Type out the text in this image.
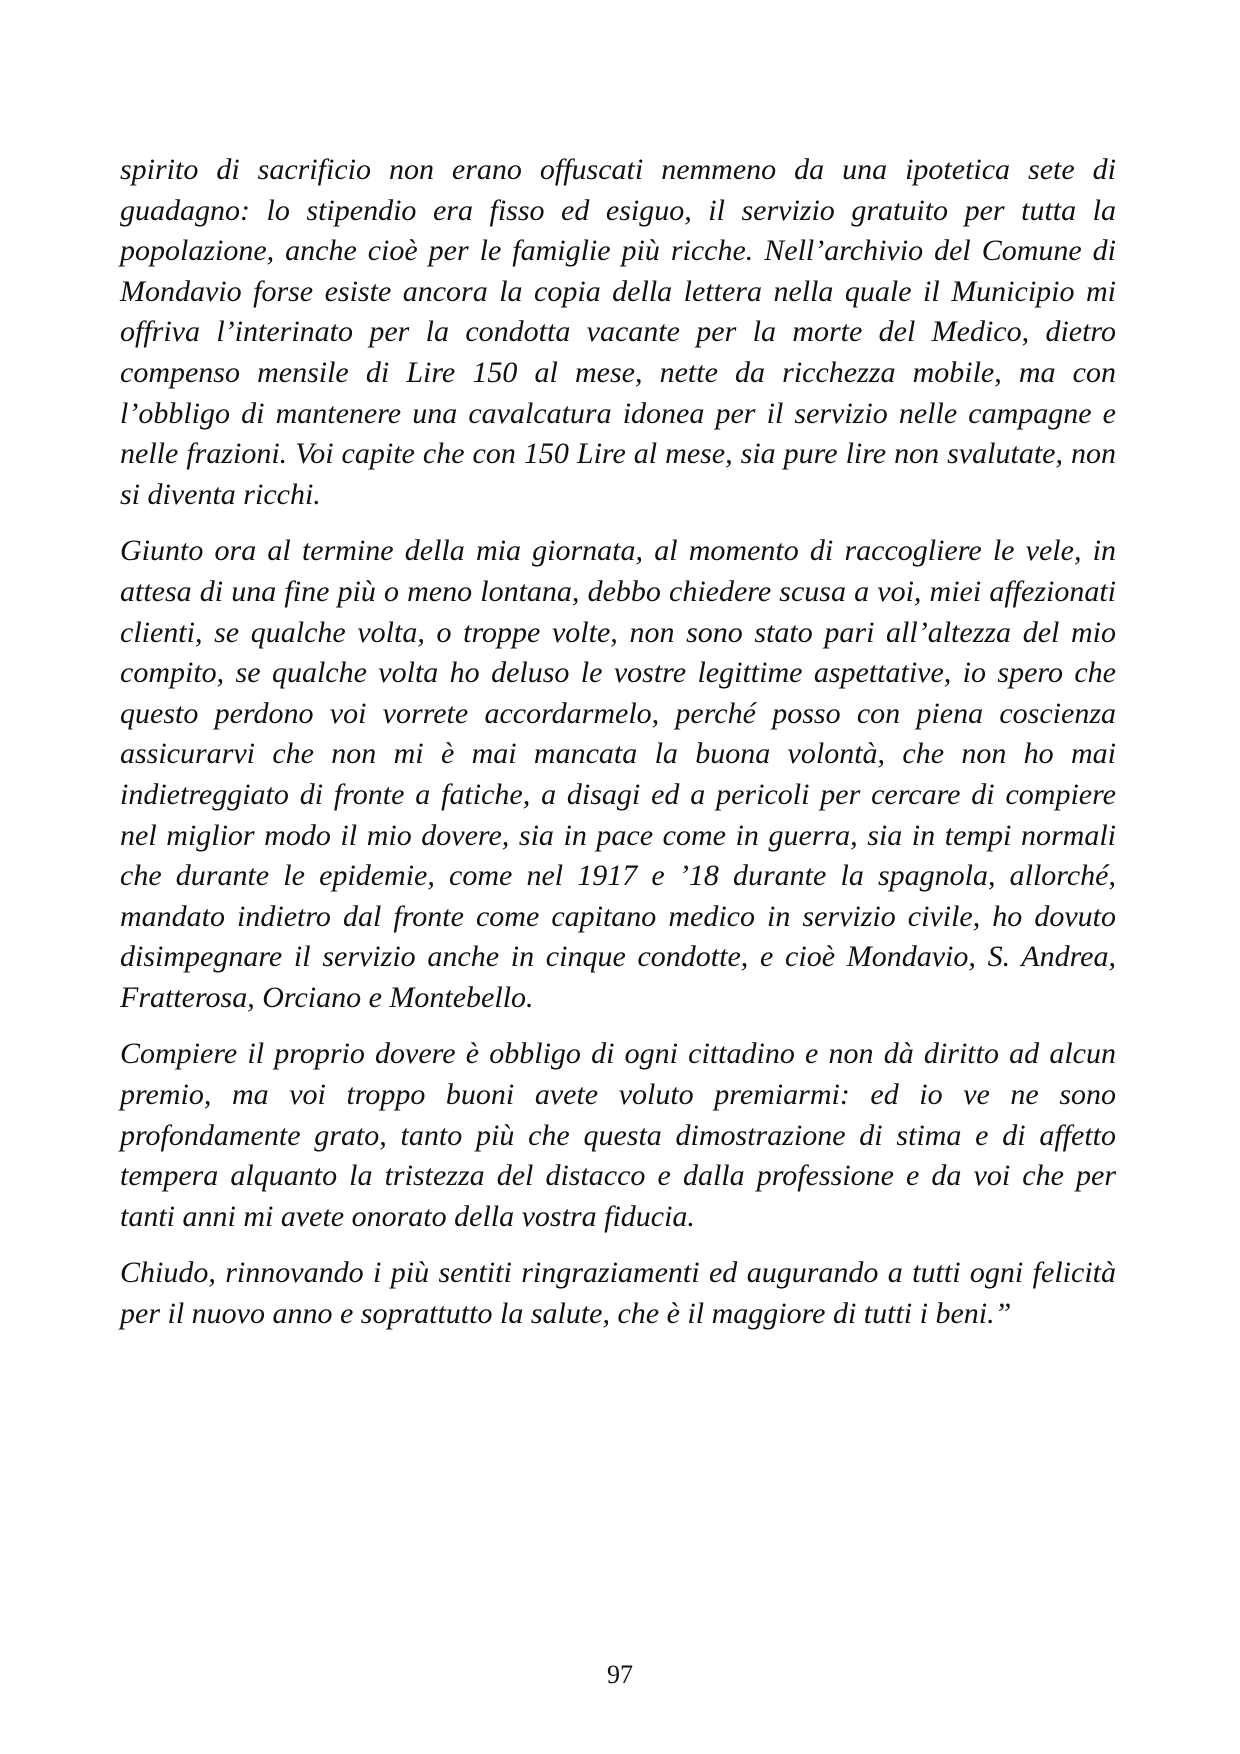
spirito di sacrificio non erano offuscati nemmeno da una ipotetica sete di guadagno: lo stipendio era fisso ed esiguo, il servizio gratuito per tutta la popolazione, anche cioè per le famiglie più ricche. Nell’archivio del Comune di Mondavio forse esiste ancora la copia della lettera nella quale il Municipio mi offriva l’interinato per la condotta vacante per la morte del Medico, dietro compenso mensile di Lire 150 al mese, nette da ricchezza mobile, ma con l’obbligo di mantenere una cavalcatura idonea per il servizio nelle campagne e nelle frazioni. Voi capite che con 150 Lire al mese, sia pure lire non svalutate, non si diventa ricchi.

Giunto ora al termine della mia giornata, al momento di raccogliere le vele, in attesa di una fine più o meno lontana, debbo chiedere scusa a voi, miei affezionati clienti, se qualche volta, o troppe volte, non sono stato pari all’altezza del mio compito, se qualche volta ho deluso le vostre legittime aspettative, io spero che questo perdono voi vorrete accordarmelo, perché posso con piena coscienza assicurarvi che non mi è mai mancata la buona volontà, che non ho mai indietreggiato di fronte a fatiche, a disagi ed a pericoli per cercare di compiere nel miglior modo il mio dovere, sia in pace come in guerra, sia in tempi normali che durante le epidemie, come nel 1917 e ’18 durante la spagnola, allorché, mandato indietro dal fronte come capitano medico in servizio civile, ho dovuto disimpegnare il servizio anche in cinque condotte, e cioè Mondavio, S. Andrea, Fratterosa, Orciano e Montebello.

Compiere il proprio dovere è obbligo di ogni cittadino e non dà diritto ad alcun premio, ma voi troppo buoni avete voluto premiarmi: ed io ve ne sono profondamente grato, tanto più che questa dimostrazione di stima e di affetto tempera alquanto la tristezza del distacco e dalla professione e da voi che per tanti anni mi avete onorato della vostra fiducia.

Chiudo, rinnovando i più sentiti ringraziamenti ed augurando a tutti ogni felicità per il nuovo anno e soprattutto la salute, che è il maggiore di tutti i beni.”

97
